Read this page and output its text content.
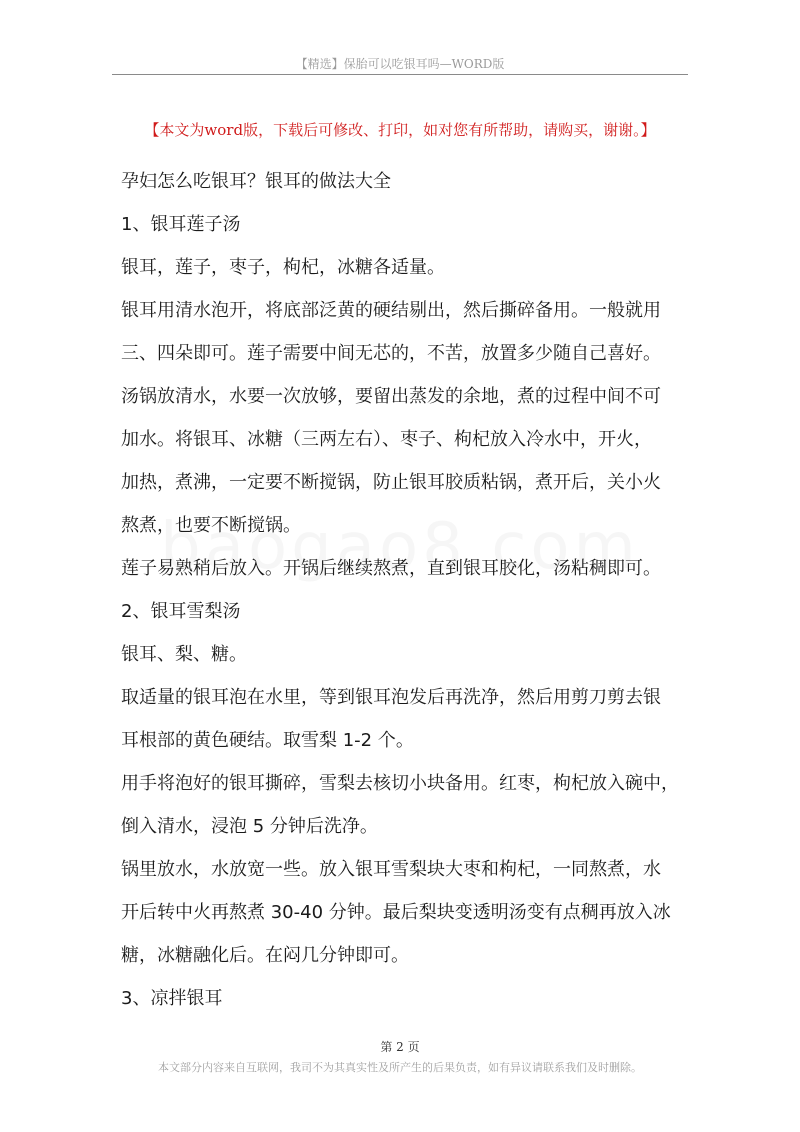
【精选】保胎可以吃银耳吗—WORD版
【本文为word版，下载后可修改、打印，如对您有所帮助，请购买，谢谢。】

孕妇怎么吃银耳？银耳的做法大全

1、银耳莲子汤

银耳，莲子，枣子，枸杞，冰糖各适量。

银耳用清水泡开，将底部泛黄的硬结剔出，然后撕碎备用。一般就用

三、四朵即可。莲子需要中间无芯的，不苦，放置多少随自己喜好。

汤锅放清水，水要一次放够，要留出蒸发的余地，煮的过程中间不可

加水。将银耳、冰糖（三两左右）、枣子、枸杞放入冷水中，开火，

加热，煮沸，一定要不断搅锅，防止银耳胶质粘锅，煮开后，关小火

熬煮，也要不断搅锅。

莲子易熟稍后放入。开锅后继续熬煮，直到银耳胶化，汤粘稠即可。

2、银耳雪梨汤

银耳、梨、糖。

取适量的银耳泡在水里，等到银耳泡发后再洗净，然后用剪刀剪去银

耳根部的黄色硬结。取雪梨 1-2 个。

用手将泡好的银耳撕碎，雪梨去核切小块备用。红枣，枸杞放入碗中，

倒入清水，浸泡 5 分钟后洗净。

锅里放水，水放宽一些。放入银耳雪梨块大枣和枸杞，一同熬煮，水

开后转中火再熬煮 30-40 分钟。最后梨块变透明汤变有点稠再放入冰

糖，冰糖融化后。在闷几分钟即可。

3、凉拌银耳

第 2 页
本文部分内容来自互联网，我司不为其真实性及所产生的后果负责，如有异议请联系我们及时删除。
